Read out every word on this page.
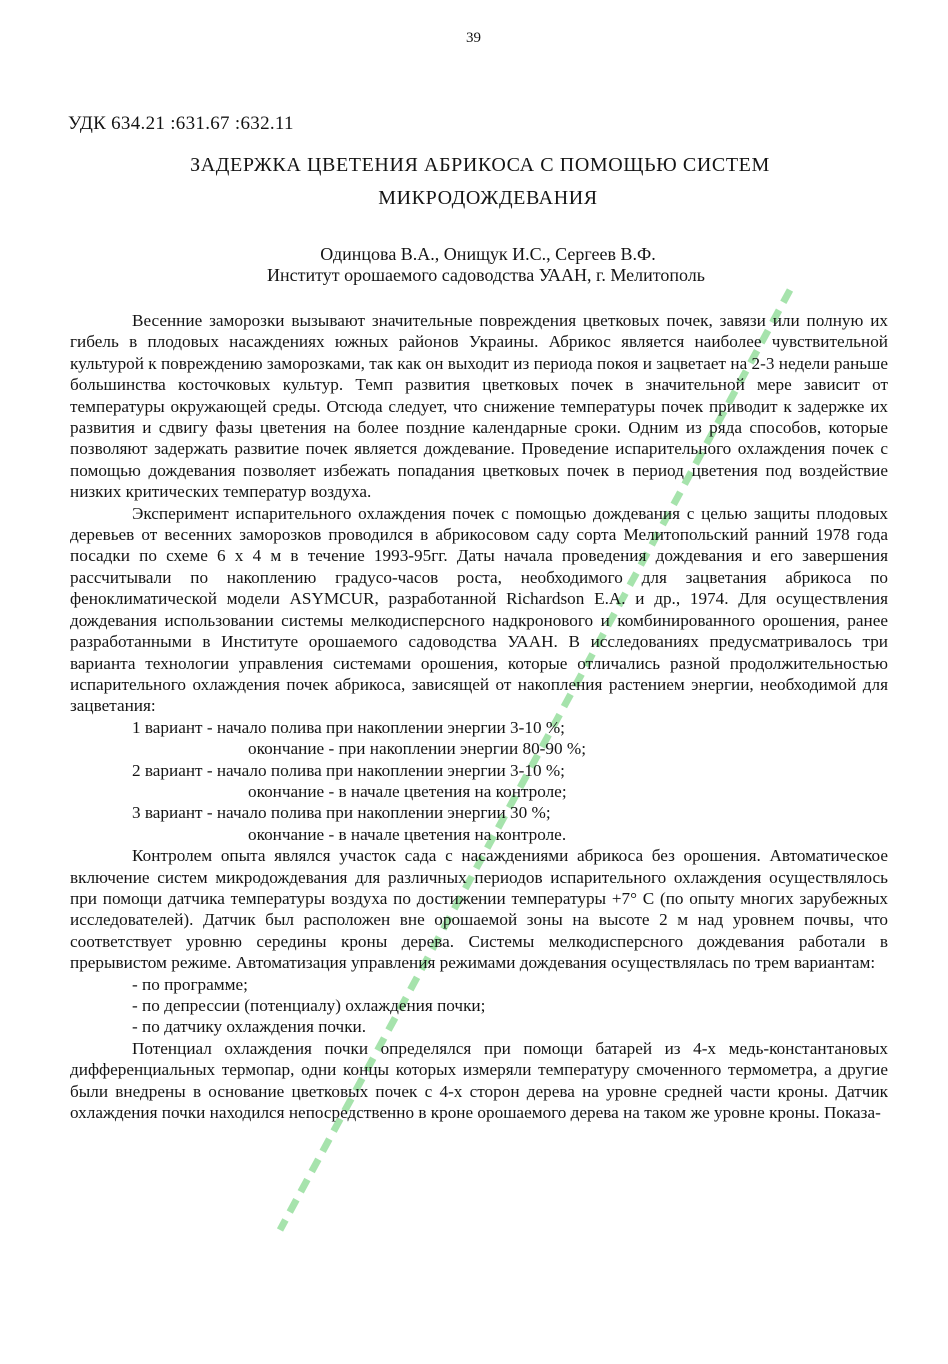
39
УДК 634.21 :631.67 :632.11
ЗАДЕРЖКА ЦВЕТЕНИЯ АБРИКОСА С ПОМОЩЬЮ СИСТЕМ
МИКРОДОЖДЕВАНИЯ
Одинцова В.А., Онищук И.С., Сергеев В.Ф.
Институт орошаемого садоводства УААН, г. Мелитополь

Весенние заморозки вызывают значительные повреждения цветковых почек, завязи или полную их гибель в плодовых насаждениях южных районов Украины. Абрикос является наиболее чувствительной культурой к повреждению заморозками, так как он выходит из периода покоя и зацветает на 2-3 недели раньше большинства косточковых культур. Темп развития цветковых почек в значительной мере зависит от температуры окружающей среды. Отсюда следует, что снижение температуры почек приводит к задержке их развития и сдвигу фазы цветения на более поздние календарные сроки. Одним из ряда способов, которые позволяют задержать развитие почек является дождевание. Проведение испарительного охлаждения почек с помощью дождевания позволяет избежать попадания цветковых почек в период цветения под воздействие низких критических температур воздуха.

Эксперимент испарительного охлаждения почек с помощью дождевания с целью защиты плодовых деревьев от весенних заморозков проводился в абрикосовом саду сорта Мелитопольский ранний 1978 года посадки по схеме 6 х 4 м в течение 1993-95гг. Даты начала проведения дождевания и его завершения рассчитывали по накоплению градусо-часов роста, необходимого для зацветания абрикоса по феноклиматической модели ASYMCUR, разработанной Richardson E.A. и др., 1974. Для осуществления дождевания использовании системы мелкодисперсного надкронового и комбинированного орошения, ранее разработанными в Институте орошаемого садоводства УААН. В исследованиях предусматривалось три варианта технологии управления системами орошения, которые отличались разной продолжительностью испарительного охлаждения почек абрикоса, зависящей от накопления растением энергии, необходимой для зацветания:

1 вариант - начало полива при накоплении энергии 3-10 %;

окончание - при накоплении энергии 80-90 %;

2 вариант - начало полива при накоплении энергии 3-10 %;

окончание - в начале цветения на контроле;

3 вариант - начало полива при накоплении энергии 30 %;

окончание - в начале цветения на контроле.

Контролем опыта являлся участок сада с насаждениями абрикоса без орошения. Автоматическое включение систем микродождевания для различных периодов испарительного охлаждения осуществлялось при помощи датчика температуры воздуха по достижении температуры +7° С (по опыту многих зарубежных исследователей). Датчик был расположен вне орошаемой зоны на высоте 2 м над уровнем почвы, что соответствует уровню середины кроны дерева. Системы мелкодисперсного дождевания работали в прерывистом режиме. Автоматизация управления режимами дождевания осуществлялась по трем вариантам:

- по программе;

- по депрессии (потенциалу) охлаждения почки;

- по датчику охлаждения почки.

Потенциал охлаждения почки определялся при помощи батарей из 4-х медь-константановых дифференциальных термопар, одни концы которых измеряли температуру смоченного термометра, а другие были внедрены в основание цветковых почек с 4-х сторон дерева на уровне средней части кроны. Датчик охлаждения почки находился непосредственно в кроне орошаемого дерева на таком же уровне кроны. Показа-
